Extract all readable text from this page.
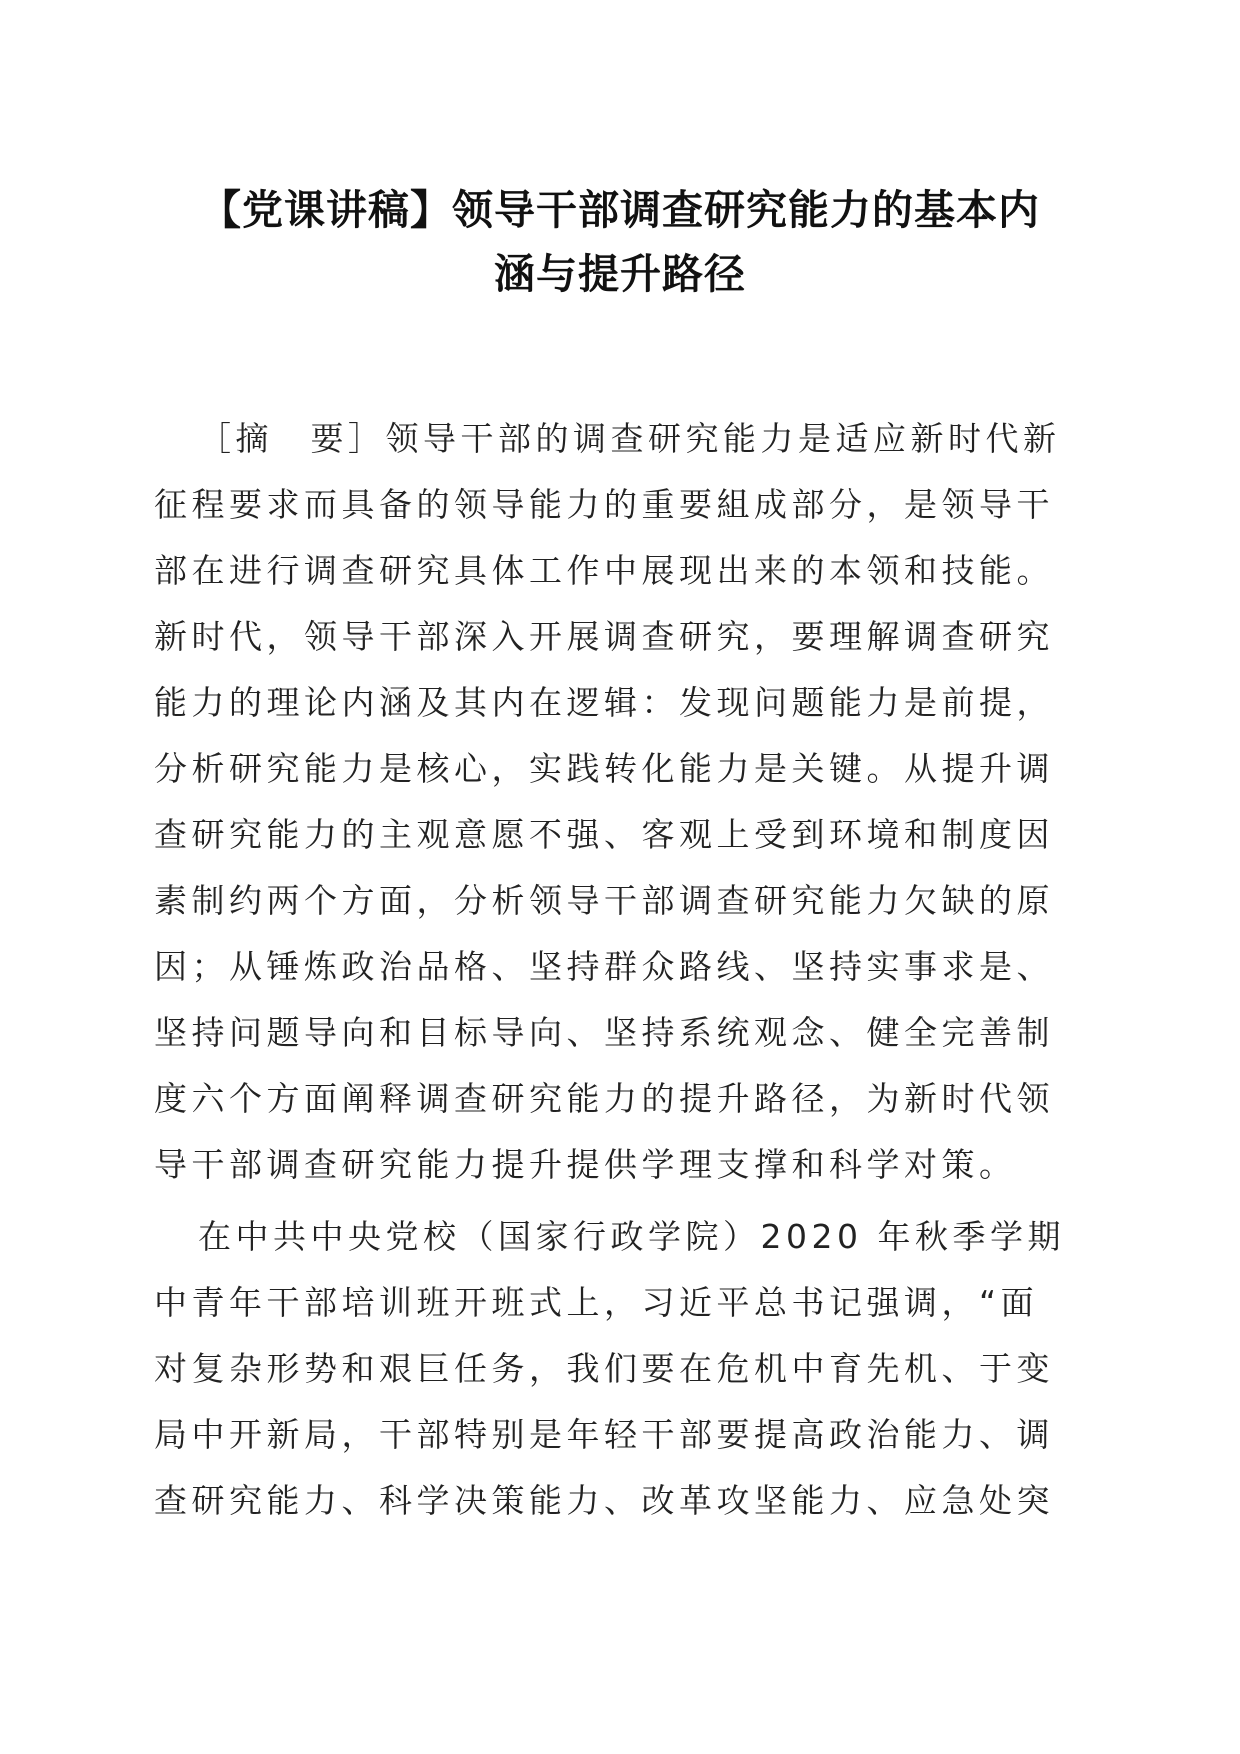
【党课讲稿】领导干部调查研究能力的基本内
涵与提升路径
［摘　要］领导干部的调查研究能力是适应新时代新
征程要求而具备的领导能力的重要組成部分，是领导干
部在进行调查研究具体工作中展现出来的本领和技能。
新时代，领导干部深入开展调查研究，要理解调查研究
能力的理论内涵及其内在逻辑：发现问题能力是前提，
分析研究能力是核心，实践转化能力是关键。从提升调
查研究能力的主观意愿不强、客观上受到环境和制度因
素制约两个方面，分析领导干部调查研究能力欠缺的原
因；从锤炼政治品格、坚持群众路线、坚持实事求是、
坚持问题导向和目标导向、坚持系统观念、健全完善制
度六个方面阐释调查研究能力的提升路径，为新时代领
导干部调查研究能力提升提供学理支撑和科学对策。
在中共中央党校（国家行政学院）2020 年秋季学期
中青年干部培训班开班式上，习近平总书记强调，“面
对复杂形势和艰巨任务，我们要在危机中育先机、于变
局中开新局，干部特别是年轻干部要提高政治能力、调
查研究能力、科学决策能力、改革攻坚能力、应急处突
